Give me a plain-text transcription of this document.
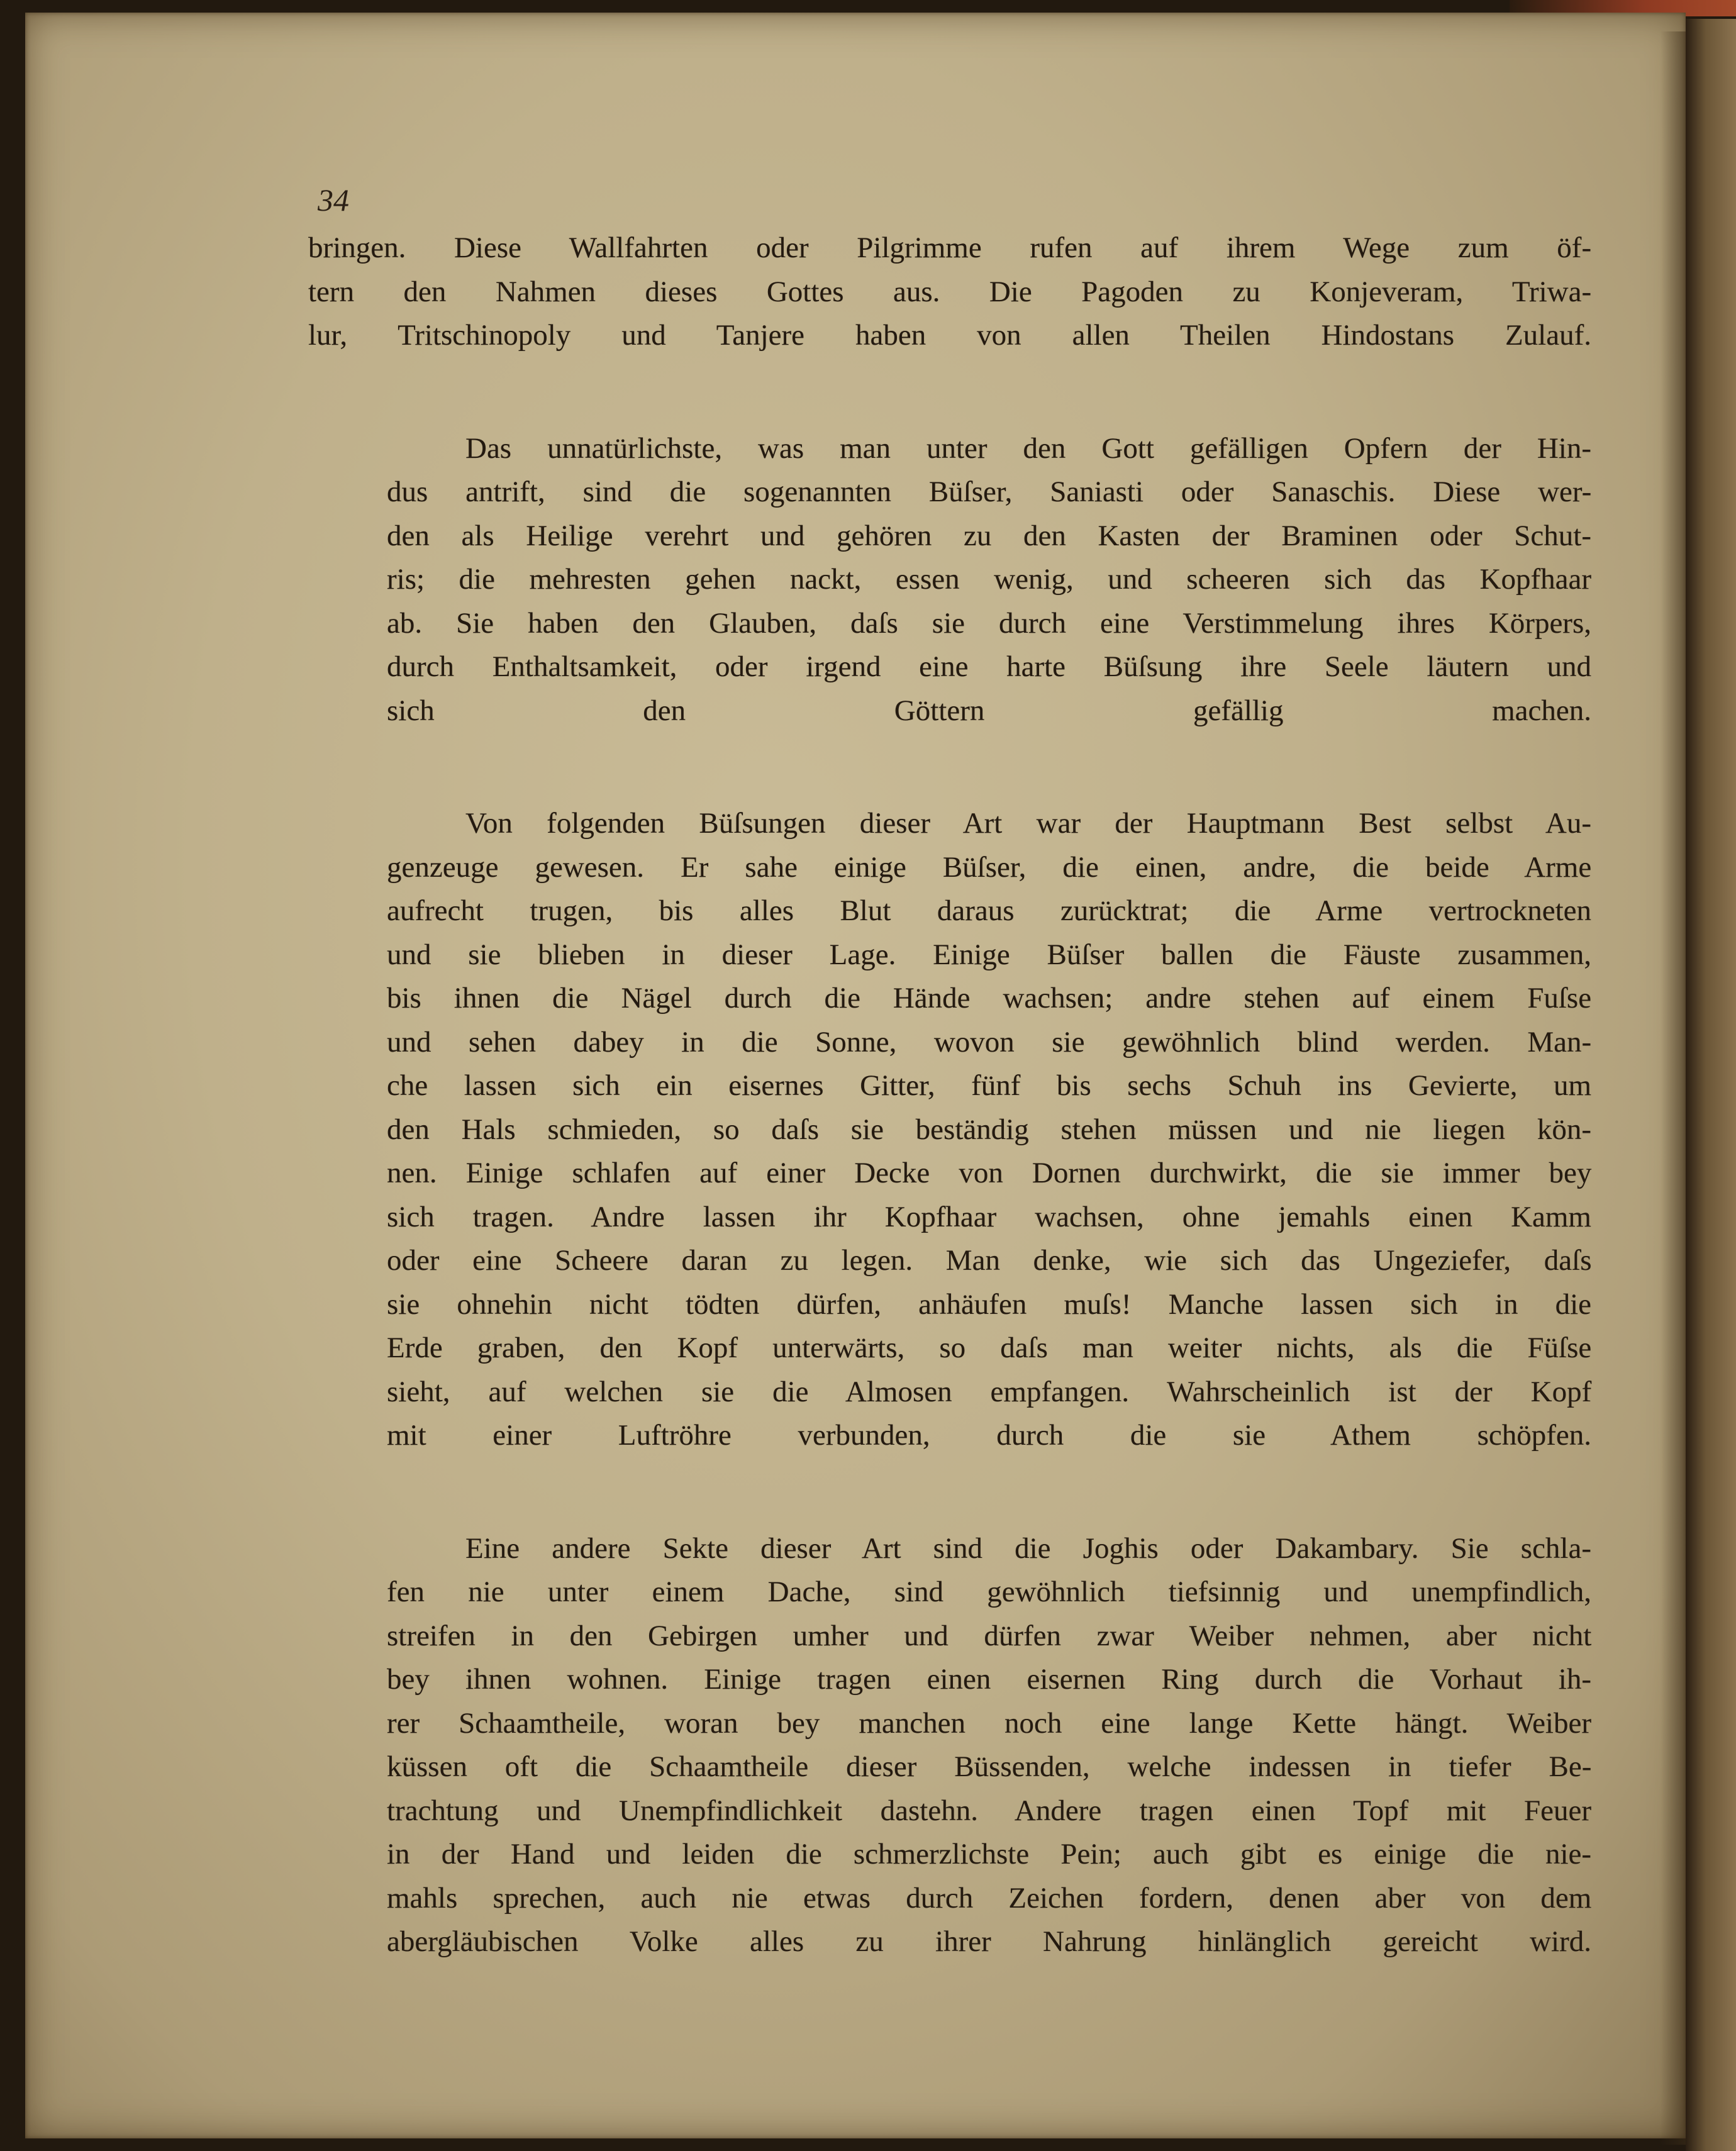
34

bringen. Diese Wallfahrten oder Pilgrimme rufen auf ihrem Wege zum öf-
tern den Nahmen dieses Gottes aus. Die Pagoden zu Konjeveram, Triwa-
lur, Tritschinopoly und Tanjere haben von allen Theilen Hindostans Zulauf.
Das unnatürlichste, was man unter den Gott gefälligen Opfern der Hin-
dus antrift, sind die sogenannten Büſser, Saniasti oder Sanaschis. Diese wer-
den als Heilige verehrt und gehören zu den Kasten der Braminen oder Schut-
ris; die mehresten gehen nackt, essen wenig, und scheeren sich das Kopfhaar
ab. Sie haben den Glauben, daſs sie durch eine Verstimmelung ihres Körpers,
durch Enthaltsamkeit, oder irgend eine harte Büſsung ihre Seele läutern und
sich den Göttern gefällig machen.
Von folgenden Büſsungen dieser Art war der Hauptmann Best selbst Au-
genzeuge gewesen. Er sahe einige Büſser, die einen, andre, die beide Arme
aufrecht trugen, bis alles Blut daraus zurücktrat; die Arme vertrockneten
und sie blieben in dieser Lage. Einige Büſser ballen die Fäuste zusammen,
bis ihnen die Nägel durch die Hände wachsen; andre stehen auf einem Fuſse
und sehen dabey in die Sonne, wovon sie gewöhnlich blind werden. Man-
che lassen sich ein eisernes Gitter, fünf bis sechs Schuh ins Gevierte, um
den Hals schmieden, so daſs sie beständig stehen müssen und nie liegen kön-
nen. Einige schlafen auf einer Decke von Dornen durchwirkt, die sie immer bey
sich tragen. Andre lassen ihr Kopfhaar wachsen, ohne jemahls einen Kamm
oder eine Scheere daran zu legen. Man denke, wie sich das Ungeziefer, daſs
sie ohnehin nicht tödten dürfen, anhäufen muſs! Manche lassen sich in die
Erde graben, den Kopf unterwärts, so daſs man weiter nichts, als die Füſse
sieht, auf welchen sie die Almosen empfangen. Wahrscheinlich ist der Kopf
mit einer Luftröhre verbunden, durch die sie Athem schöpfen.
Eine andere Sekte dieser Art sind die Joghis oder Dakambary. Sie schla-
fen nie unter einem Dache, sind gewöhnlich tiefsinnig und unempfindlich,
streifen in den Gebirgen umher und dürfen zwar Weiber nehmen, aber nicht
bey ihnen wohnen. Einige tragen einen eisernen Ring durch die Vorhaut ih-
rer Schaamtheile, woran bey manchen noch eine lange Kette hängt. Weiber
küssen oft die Schaamtheile dieser Büssenden, welche indessen in tiefer Be-
trachtung und Unempfindlichkeit dastehn. Andere tragen einen Topf mit Feuer
in der Hand und leiden die schmerzlichste Pein; auch gibt es einige die nie-
mahls sprechen, auch nie etwas durch Zeichen fordern, denen aber von dem
abergläubischen Volke alles zu ihrer Nahrung hinlänglich gereicht wird.
